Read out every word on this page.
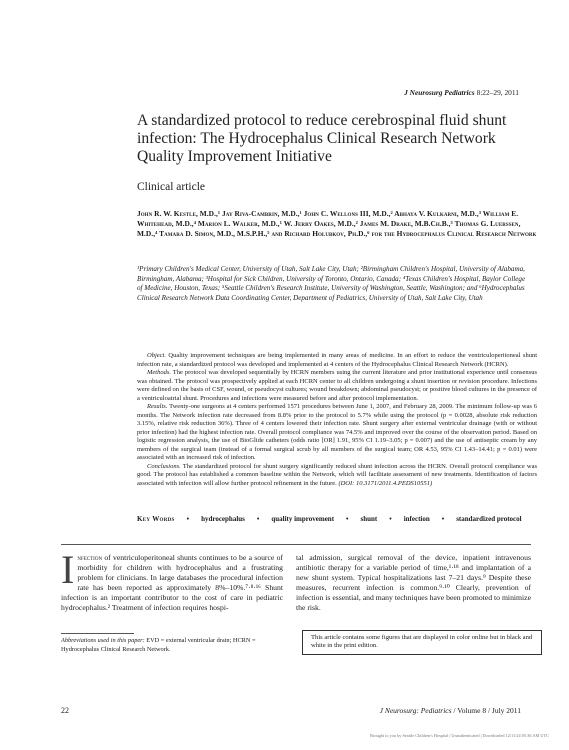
J Neurosurg Pediatrics 8:22–29, 2011
A standardized protocol to reduce cerebrospinal fluid shunt infection: The Hydrocephalus Clinical Research Network Quality Improvement Initiative
Clinical article
John R. W. Kestle, M.D.,¹ Jay Riva-Cambrin, M.D.,¹ John C. Wellons III, M.D.,² Abhaya V. Kulkarni, M.D.,³ William E. Whitehead, M.D.,⁴ Marion L. Walker, M.D.,¹ W. Jerry Oakes, M.D.,² James M. Drake, M.B.Ch.B.,³ Thomas G. Luerssen, M.D.,⁴ Tamara D. Simon, M.D., M.S.P.H.,⁵ and Richard Holubkov, Ph.D.,⁶ for the Hydrocephalus Clinical Research Network
¹Primary Children's Medical Center, University of Utah, Salt Lake City, Utah; ²Birmingham Children's Hospital, University of Alabama, Birmingham, Alabama; ³Hospital for Sick Children, University of Toronto, Ontario, Canada; ⁴Texas Children's Hospital, Baylor College of Medicine, Houston, Texas; ⁵Seattle Children's Research Institute, University of Washington, Seattle, Washington; and ⁶Hydrocephalus Clinical Research Network Data Coordinating Center, Department of Pediatrics, University of Utah, Salt Lake City, Utah

Object. Quality improvement techniques are being implemented in many areas of medicine. In an effort to reduce the ventriculoperitoneal shunt infection rate, a standardized protocol was developed and implemented at 4 centers of the Hydrocephalus Clinical Research Network (HCRN).

Methods. The protocol was developed sequentially by HCRN members using the current literature and prior institutional experience until consensus was obtained. The protocol was prospectively applied at each HCRN center to all children undergoing a shunt insertion or revision procedure. Infections were defined on the basis of CSF, wound, or pseudocyst cultures; wound breakdown; abdominal pseudocyst; or positive blood cultures in the presence of a ventriculoatrial shunt. Procedures and infections were measured before and after protocol implementation.

Results. Twenty-one surgeons at 4 centers performed 1571 procedures between June 1, 2007, and February 28, 2009. The minimum follow-up was 6 months. The Network infection rate decreased from 8.8% prior to the protocol to 5.7% while using the protocol (p = 0.0028, absolute risk reduction 3.15%, relative risk reduction 36%). Three of 4 centers lowered their infection rate. Shunt surgery after external ventricular drainage (with or without prior infection) had the highest infection rate. Overall protocol compliance was 74.5% and improved over the course of the observation period. Based on logistic regression analysis, the use of BioGlide catheters (odds ratio [OR] 1.91, 95% CI 1.19–3.05; p = 0.007) and the use of antiseptic cream by any members of the surgical team (instead of a formal surgical scrub by all members of the surgical team; OR 4.53, 95% CI 1.43–14.41; p = 0.01) were associated with an increased risk of infection.

Conclusions. The standardized protocol for shunt surgery significantly reduced shunt infection across the HCRN. Overall protocol compliance was good. The protocol has established a common baseline within the Network, which will facilitate assessment of new treatments. Identification of factors associated with infection will allow further protocol refinement in the future. (DOI: 10.3171/2011.4.PEDS10551)

Key Words • hydrocephalus • quality improvement • shunt • infection • standardized protocol
Infection of ventriculoperitoneal shunts continues to be a source of morbidity for children with hydrocephalus and a frustrating problem for clinicians. In large databases the procedural infection rate has been reported as approximately 8%–10%.⁷·⁸·¹⁶ Shunt infection is an important contributor to the cost of care in pediatric hydrocephalus.² Treatment of infection requires hospi-
tal admission, surgical removal of the device, inpatient intravenous antibiotic therapy for a variable period of time,¹·¹⁸ and implantation of a new shunt system. Typical hospitalizations last 7–21 days.⁹ Despite these measures, recurrent infection is common.⁹·¹⁰ Clearly, prevention of infection is essential, and many techniques have been promoted to minimize the risk.
Abbreviations used in this paper: EVD = external ventricular drain; HCRN = Hydrocephalus Clinical Research Network.
This article contains some figures that are displayed in color online but in black and white in the print edition.
22	J Neurosurg: Pediatrics / Volume 8 / July 2011
Brought to you by Seattle Children's Hospital | Unauthenticated | Downloaded 12/11/24 05:36 AM UTC
